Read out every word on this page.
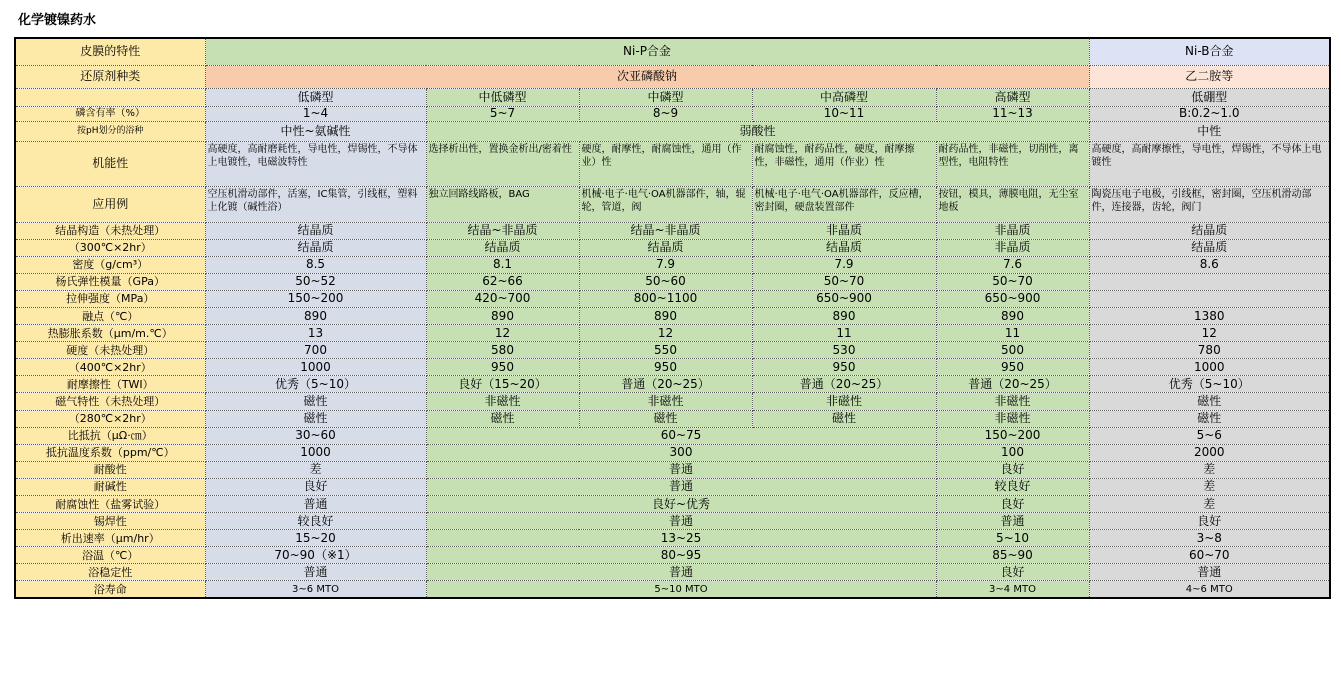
化学镀镍药水
皮膜的特性	Ni-P合金					Ni-B合金
还原剂种类	次亚磷酸钠					乙二胺等
	低磷型	中低磷型	中磷型	中高磷型	高磷型	低硼型
磷含有率（%）	1~4	5~7	8~9	10~11	11~13	B:0.2~1.0
按pH划分的浴种	中性~氨碱性	弱酸性				中性
机能性	高硬度，高耐磨耗性，导电性，焊锡性，不导体上电镀性，电磁波特性	选择析出性，置换金析出/密着性	硬度，耐摩性，耐腐蚀性，通用（作业）性	耐腐蚀性，耐药品性，硬度，耐摩擦性，非磁性，通用（作业）性	耐药品性，非磁性，切削性，离型性，电阻特性	高硬度，高耐摩擦性，导电性，焊锡性，不导体上电镀性
应用例	空压机滑动部件，活塞，IC集管，引线框，塑料上化镀（碱性浴）	独立回路线路板，BAG	机械·电子·电气·OA机器部件，轴，辊轮，管道，阀	机械·电子·电气·OA机器部件，反应槽，密封圈，硬盘装置部件	按钮，模具，薄膜电阻，无尘室地板	陶瓷压电子电极，引线框，密封圈，空压机滑动部件，连接器，齿轮，阀门
结晶构造（未热处理）	结晶质	结晶~非晶质	结晶~非晶质	非晶质	非晶质	结晶质
（300℃×2hr）	结晶质	结晶质	结晶质	结晶质	非晶质	结晶质
密度（g/cm³）	8.5	8.1	7.9	7.9	7.6	8.6
杨氏弹性模量（GPa）	50~52	62~66	50~60	50~70	50~70	
拉伸强度（MPa）	150~200	420~700	800~1100	650~900	650~900	
融点（℃）	890	890	890	890	890	1380
热膨胀系数（μm/m.℃）	13	12	12	11	11	12
硬度（未热处理）	700	580	550	530	500	780
（400℃×2hr）	1000	950	950	950	950	1000
耐摩擦性（TWI）	优秀（5~10）	良好（15~20）	普通（20~25）	普通（20~25）	普通（20~25）	优秀（5~10）
磁气特性（未热处理）	磁性	非磁性	非磁性	非磁性	非磁性	磁性
（280℃×2hr）	磁性	磁性	磁性	磁性	非磁性	磁性
比抵抗（μΩ·㎝）	30~60	60~75			150~200	5~6
抵抗温度系数（ppm/℃）	1000	300			100	2000
耐酸性	差	普通			良好	差
耐碱性	良好	普通			较良好	差
耐腐蚀性（盐雾试验）	普通	良好~优秀			良好	差
锡焊性	较良好	普通			普通	良好
析出速率（μm/hr）	15~20	13~25			5~10	3~8
浴温（℃）	70~90（※1）	80~95			85~90	60~70
浴稳定性	普通	普通			良好	普通
浴寿命	3~6 MTO	5~10 MTO			3~4 MTO	4~6 MTO
